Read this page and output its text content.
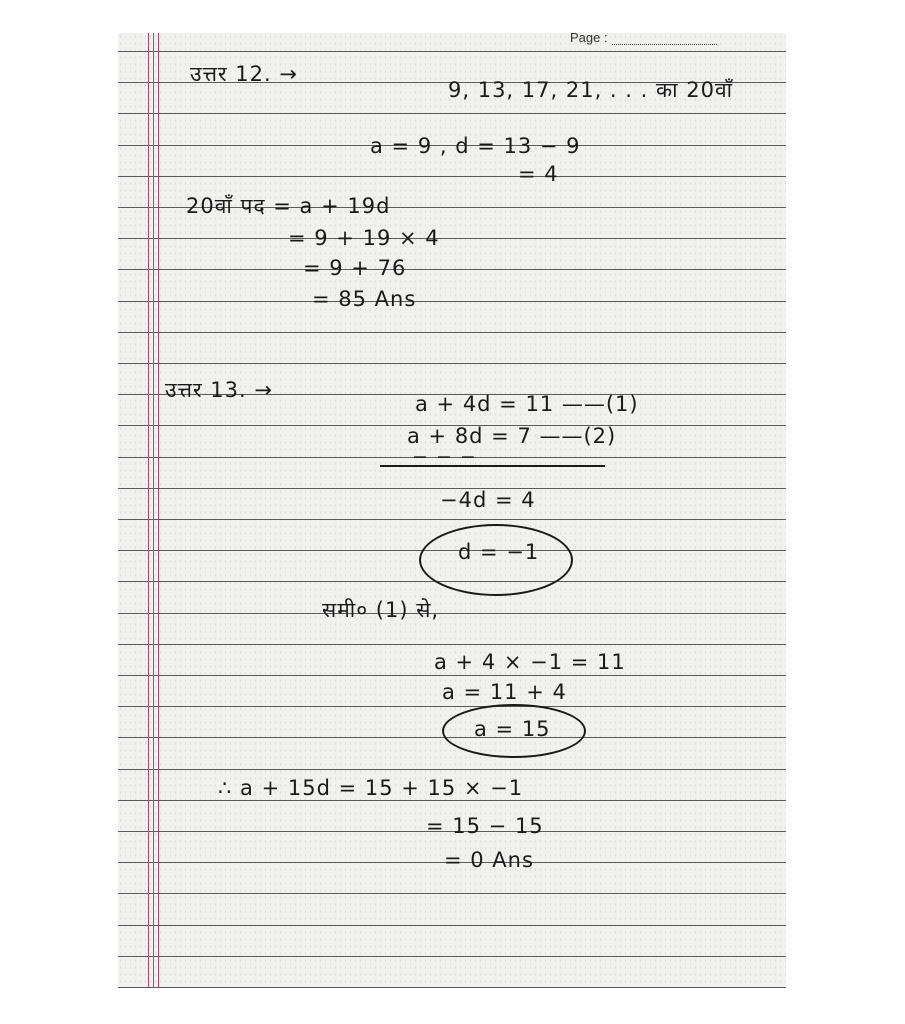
Page :
उत्तर 12. →
9, 13, 17, 21, . . . का 20वाँ
a = 9 , d = 13 − 9
= 4
20वाँ पद = a + 19d
= 9 + 19 × 4
= 9 + 76
= 85 Ans
उत्तर 13. →
a + 4d = 11 ——(1)
a + 8d = 7 ——(2)
− − −
−4d = 4
d = −1
समी० (1) से,
a + 4 × −1 = 11
a = 11 + 4
a = 15
∴ a + 15d = 15 + 15 × −1
= 15 − 15
= 0 Ans
